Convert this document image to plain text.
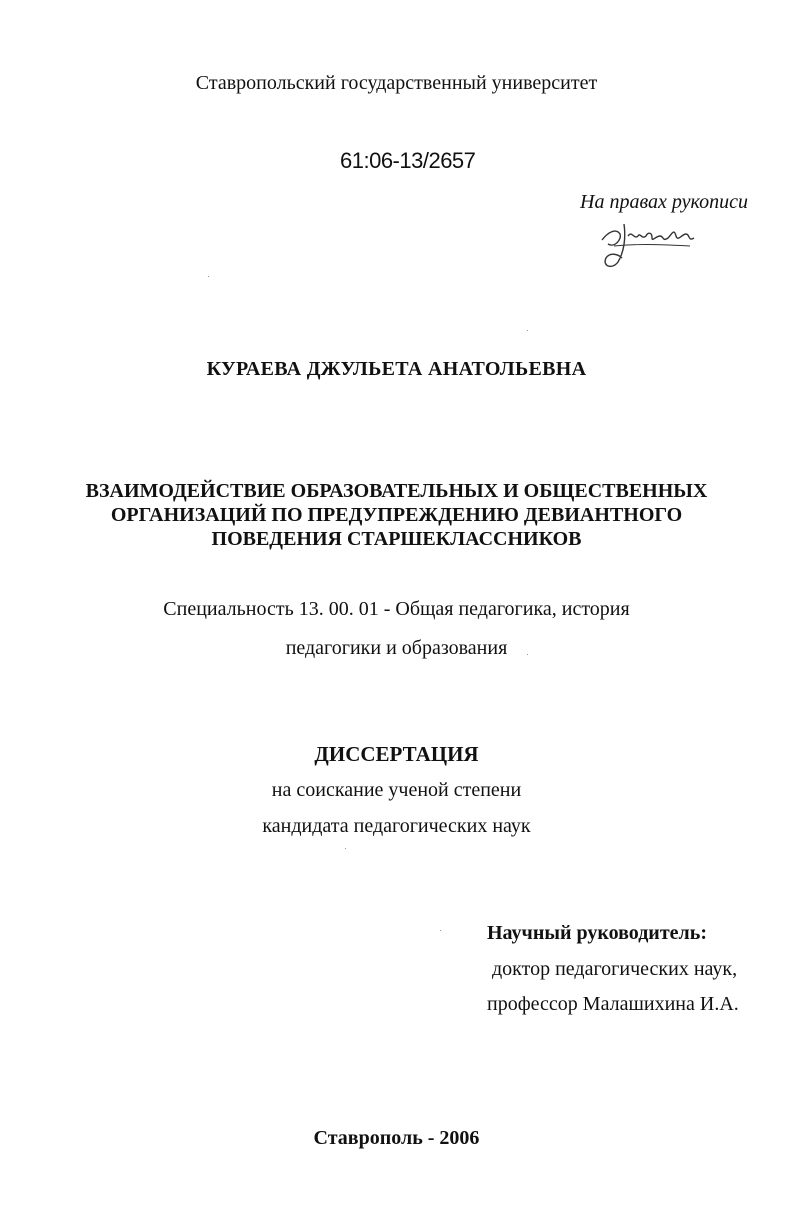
Ставропольский государственный университет
61:06-13/2657
На правах рукописи
КУРАЕВА ДЖУЛЬЕТА АНАТОЛЬЕВНА
ВЗАИМОДЕЙСТВИЕ ОБРАЗОВАТЕЛЬНЫХ И ОБЩЕСТВЕННЫХ
ОРГАНИЗАЦИЙ ПО ПРЕДУПРЕЖДЕНИЮ ДЕВИАНТНОГО
ПОВЕДЕНИЯ СТАРШЕКЛАССНИКОВ
Специальность 13. 00. 01 - Общая педагогика, история
педагогики и образования
ДИССЕРТАЦИЯ
на соискание ученой степени
кандидата педагогических наук
Научный руководитель:
доктор педагогических наук,
профессор Малашихина И.А.
Ставрополь - 2006
